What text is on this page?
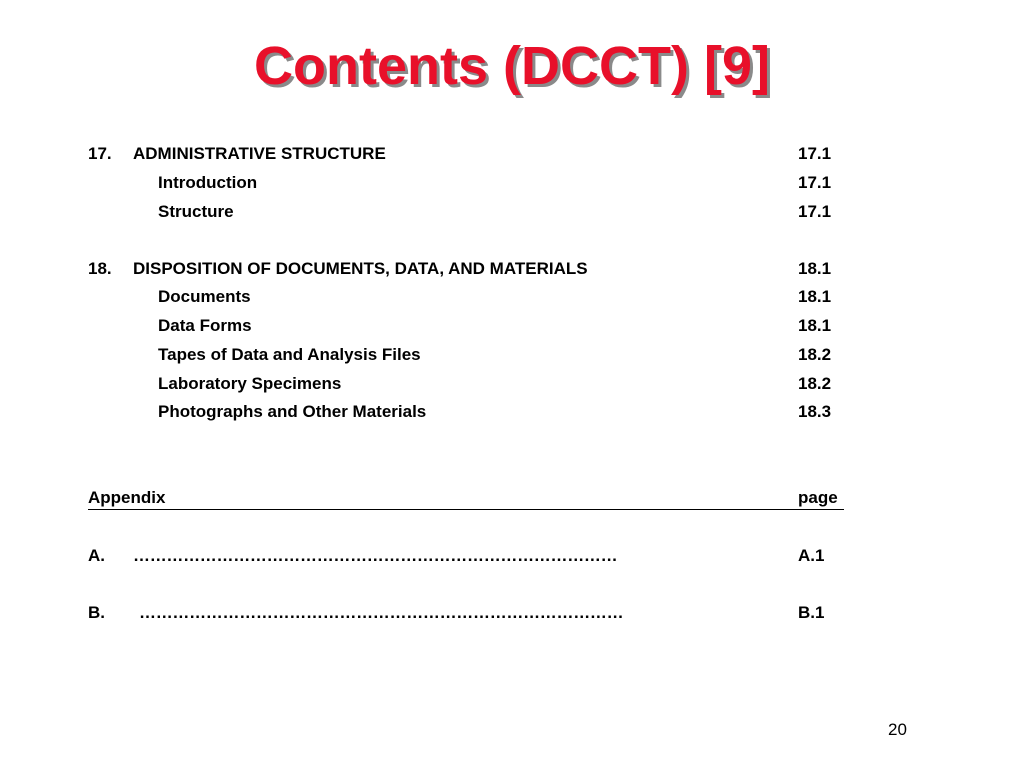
Contents (DCCT) [9]
17. ADMINISTRATIVE STRUCTURE	17.1
Introduction	17.1
Structure	17.1
18. DISPOSITION OF DOCUMENTS, DATA, AND MATERIALS	18.1
Documents	18.1
Data Forms	18.1
Tapes of Data and Analysis Files	18.2
Laboratory Specimens	18.2
Photographs and Other Materials	18.3
Appendix	page
A. ……………………………………………………………………………	A.1
B. ……………………………………………………………………………	B.1
20
